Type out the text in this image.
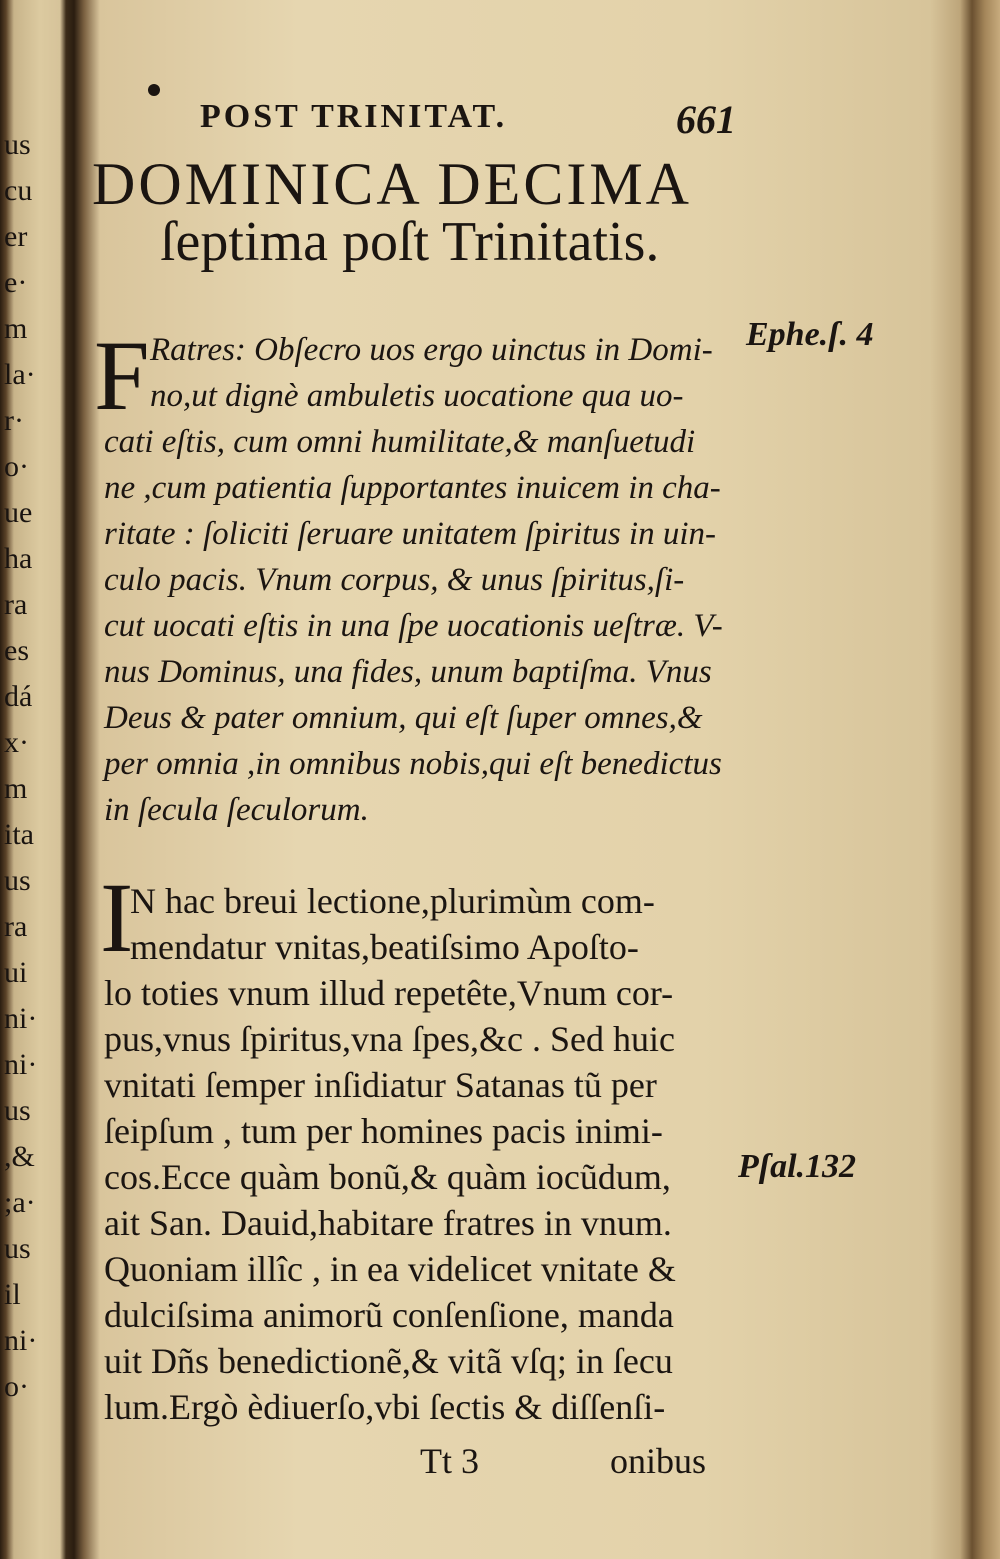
us
cu
er
e·
m
la·
r·
o·
ue
ha
ra
es
dá
x·
m
ita
us
ra
ui
ni·
ni·
us
,&
;a·
us
il
ni·
o·
POST TRINITAT.	661
DOMINICA DECIMA
ſeptima poſt Trinitatis.
Ephe.ſ. 4
Pſal.132
F Ratres: Obſecro uos ergo uinctus in Domi-
no,ut dignè ambuletis uocatione qua uo-
cati eſtis, cum omni humilitate,& manſuetudi
ne ,cum patientia ſupportantes inuicem in cha-
ritate : ſoliciti ſeruare unitatem ſpiritus in uin-
culo pacis. Vnum corpus, & unus ſpiritus,ſi-
cut uocati eſtis in una ſpe uocationis ueſtræ. V-
nus Dominus, una fides, unum baptiſma. Vnus
Deus & pater omnium, qui eſt ſuper omnes,&
per omnia ,in omnibus nobis,qui eſt benedictus
in ſecula ſeculorum.
I
N hac breui lectione,plurimùm com-
mendatur vnitas,beatiſsimo Apoſto-
lo toties vnum illud repetête,Vnum cor-
pus,vnus ſpiritus,vna ſpes,&c . Sed huic
vnitati ſemper inſidiatur Satanas tũ per
ſeipſum , tum per homines pacis inimi-
cos.Ecce quàm bonũ,& quàm iocũdum,
ait San. Dauid,habitare fratres in vnum.
Quoniam illîc , in ea videlicet vnitate &
dulciſsima animorũ conſenſione, manda
uit Dñs benedictionẽ,& vitã vſq; in ſecu
lum.Ergò èdiuerſo,vbi ſectis & diſſenſi-
Tt 3	onibus
